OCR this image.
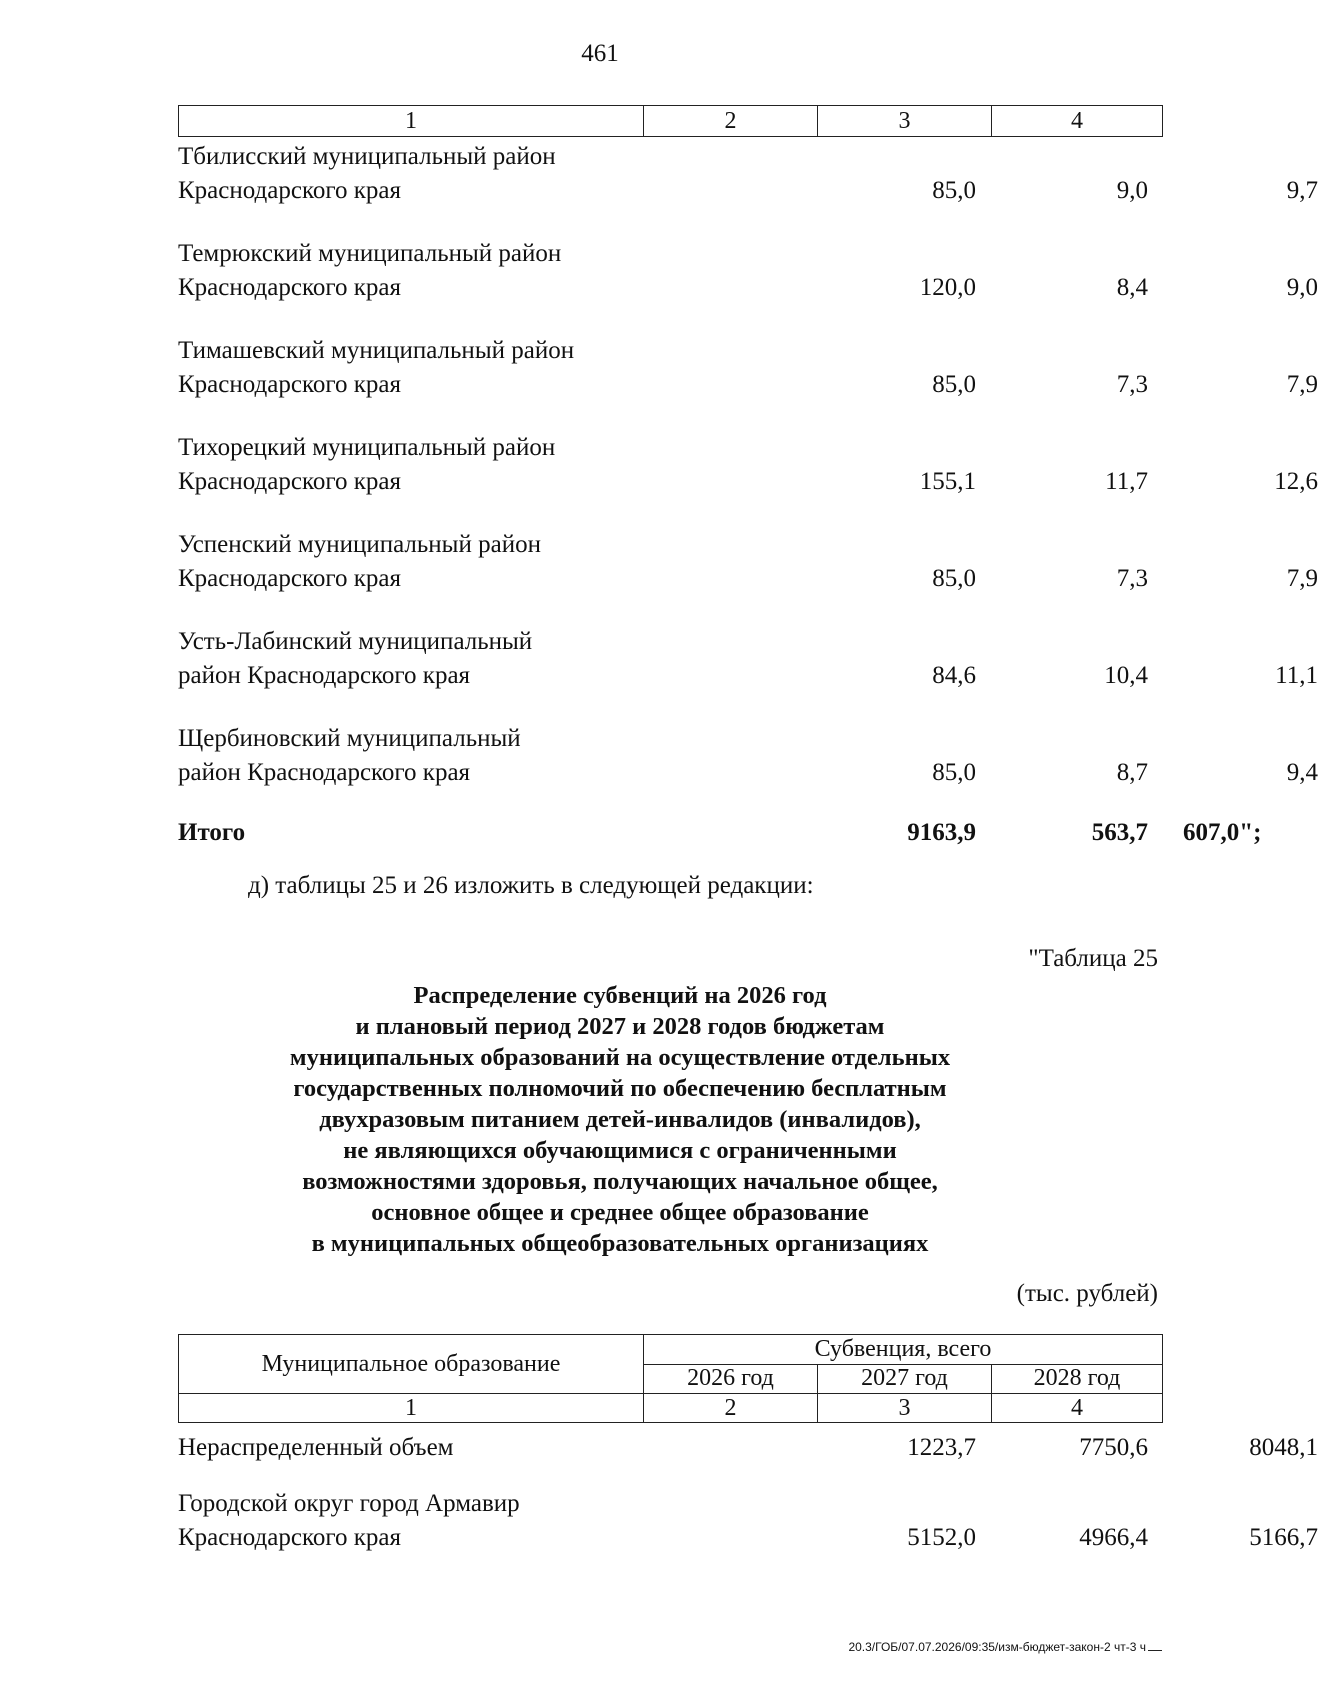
461
1	2	3	4
Тбилисский муниципальный район
Краснодарского края	85,0	9,0	9,7
Темрюкский муниципальный район
Краснодарского края	120,0	8,4	9,0
Тимашевский муниципальный район
Краснодарского края	85,0	7,3	7,9
Тихорецкий муниципальный район
Краснодарского края	155,1	11,7	12,6
Успенский муниципальный район
Краснодарского края	85,0	7,3	7,9
Усть-Лабинский муниципальный
район Краснодарского края	84,6	10,4	11,1
Щербиновский муниципальный
район Краснодарского края	85,0	8,7	9,4
Итого	9163,9	563,7	607,0";
д) таблицы 25 и 26 изложить в следующей редакции:
"Таблица 25
Распределение субвенций на 2026 год
и плановый период 2027 и 2028 годов бюджетам
муниципальных образований на осуществление отдельных
государственных полномочий по обеспечению бесплатным
двухразовым питанием детей-инвалидов (инвалидов),
не являющихся обучающимися с ограниченными
возможностями здоровья, получающих начальное общее,
основное общее и среднее общее образование
в муниципальных общеобразовательных организациях
(тыс. рублей)
Муниципальное образование	Субвенция, всего		
	2026 год	2027 год	2028 год
1	2	3	4
Нераспределенный объем	1223,7	7750,6	8048,1
Городской округ город Армавир
Краснодарского края	5152,0	4966,4	5166,7
20.3/ГОБ/07.07.2026/09:35/изм-бюджет-закон-2 чт-3 ч
